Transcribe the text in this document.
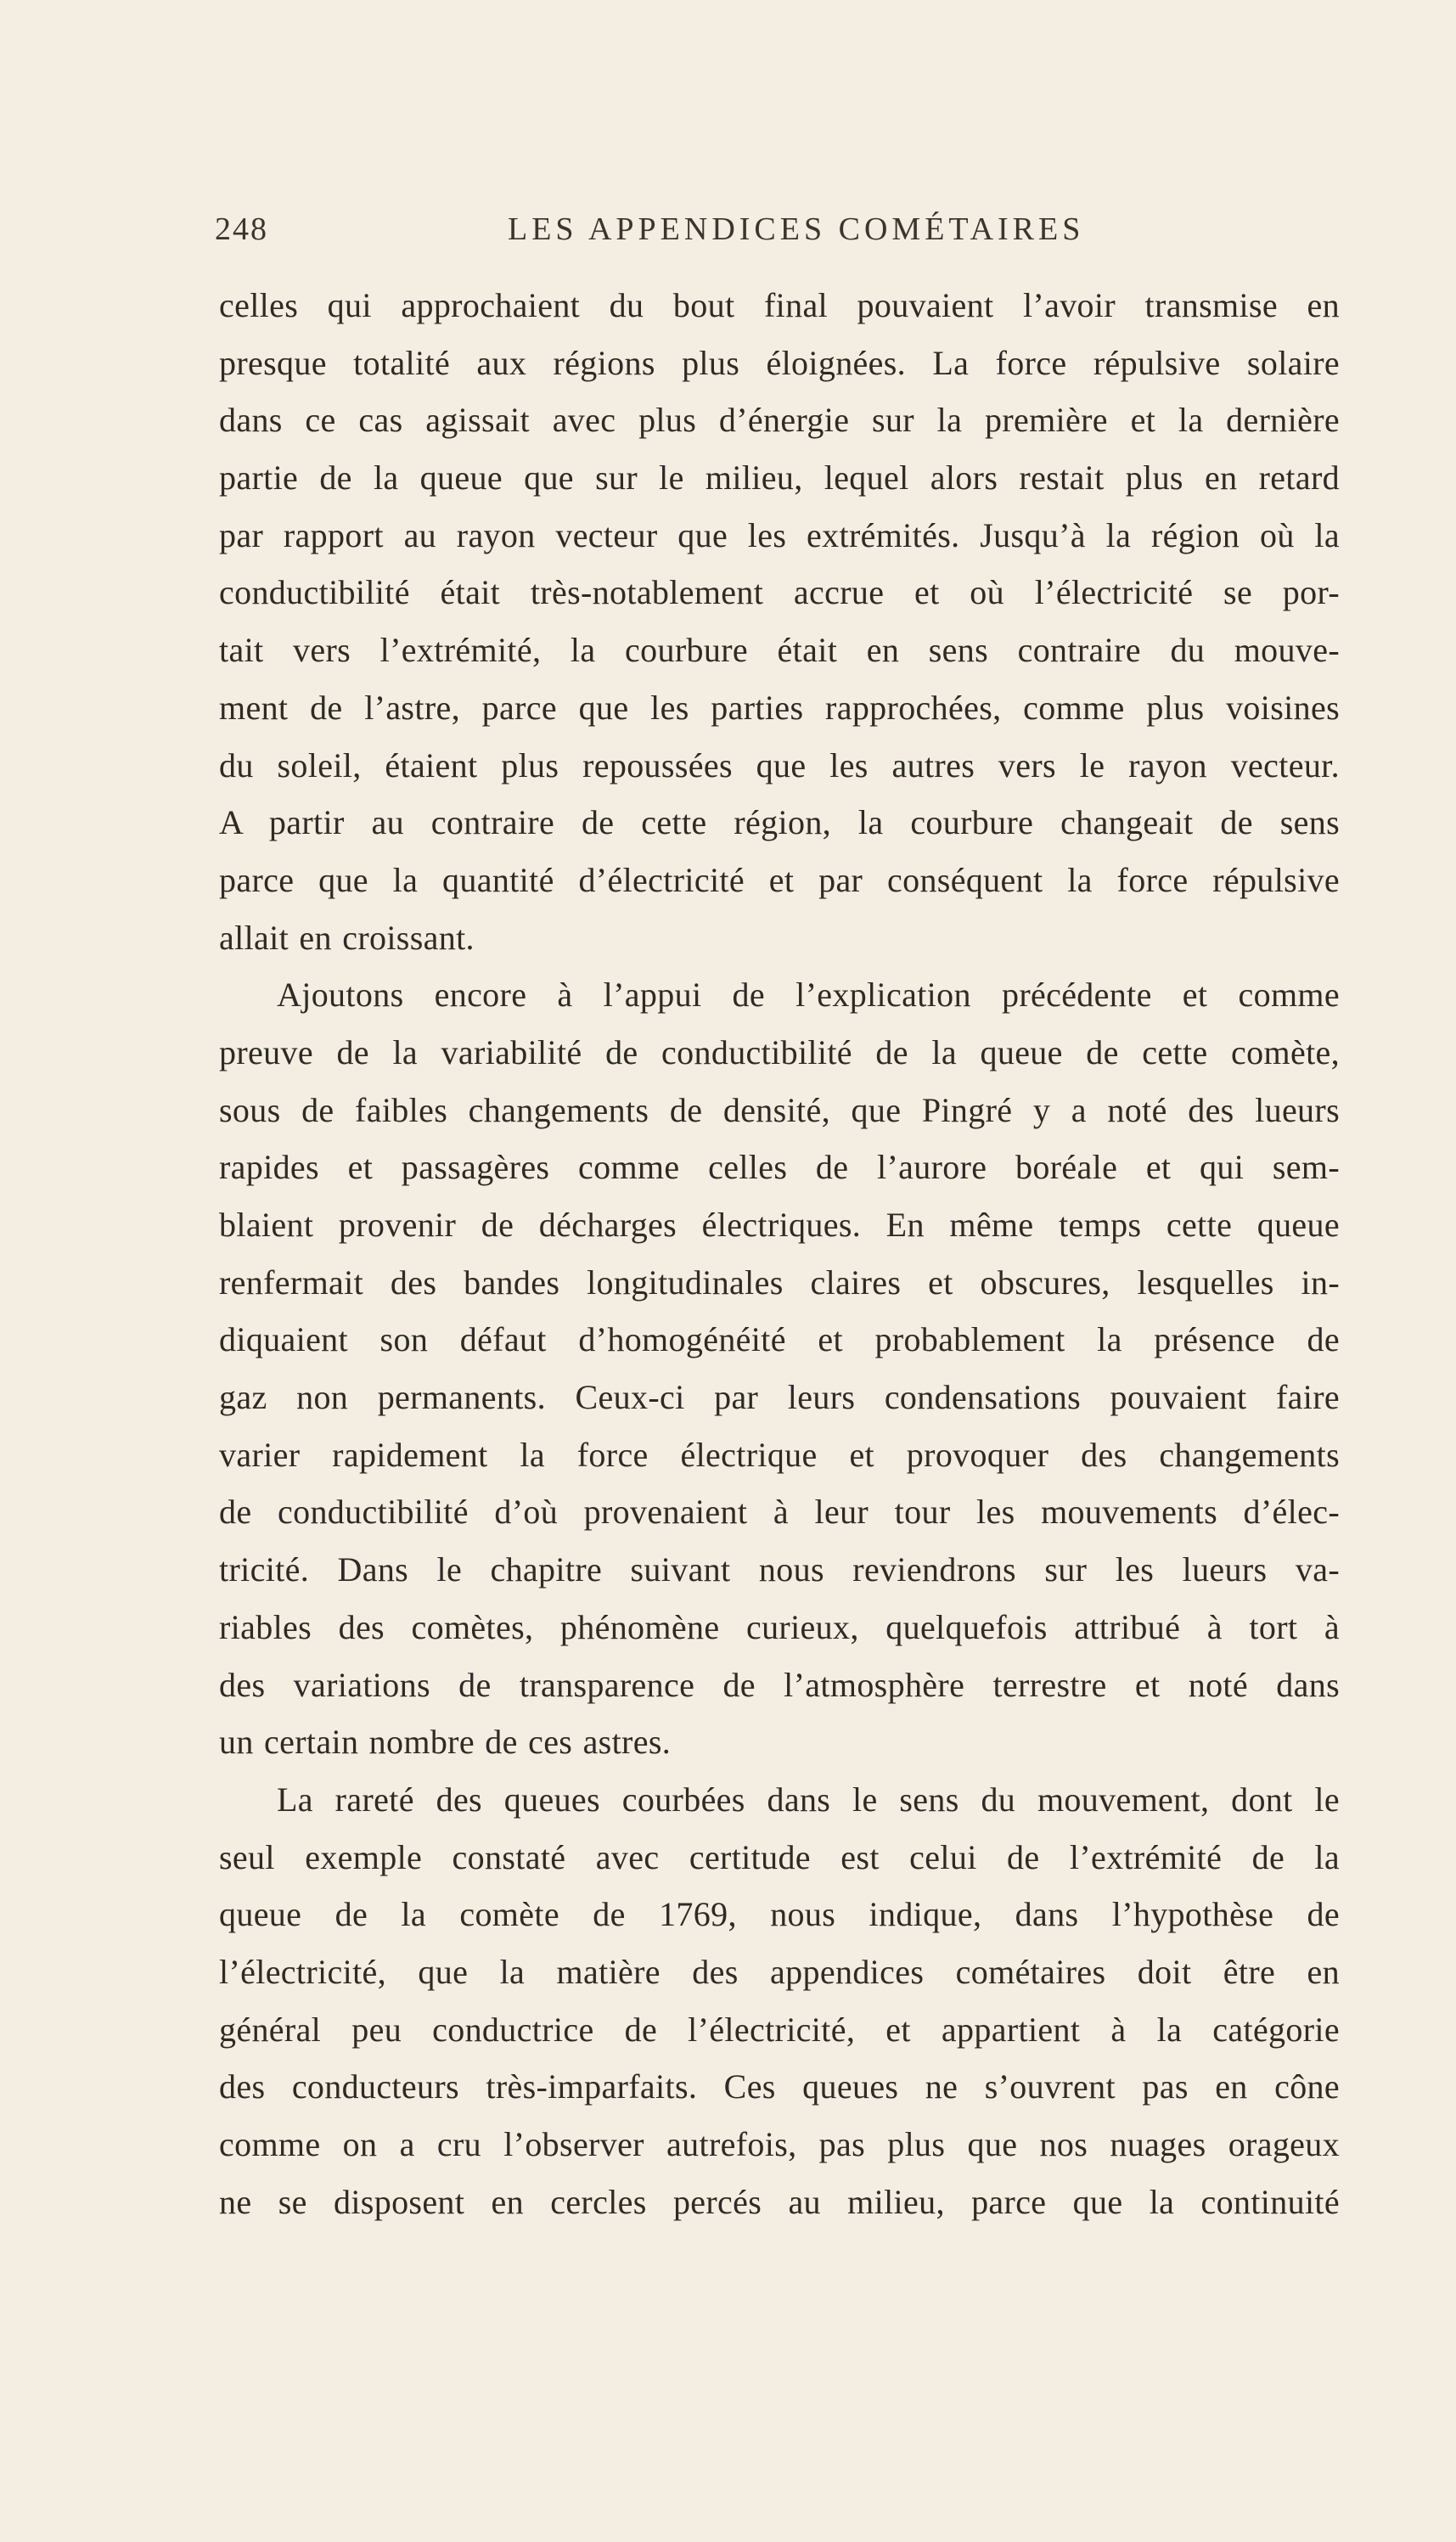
248	LES APPENDICES COMÉTAIRES
celles qui approchaient du bout final pouvaient l’avoir transmise en
presque totalité aux régions plus éloignées. La force répulsive solaire
dans ce cas agissait avec plus d’énergie sur la première et la dernière
partie de la queue que sur le milieu, lequel alors restait plus en retard
par rapport au rayon vecteur que les extrémités. Jusqu’à la région où la
conductibilité était très-notablement accrue et où l’électricité se por-
tait vers l’extrémité, la courbure était en sens contraire du mouve-
ment de l’astre, parce que les parties rapprochées, comme plus voisines
du soleil, étaient plus repoussées que les autres vers le rayon vecteur.
A partir au contraire de cette région, la courbure changeait de sens
parce que la quantité d’électricité et par conséquent la force répulsive
allait en croissant.
Ajoutons encore à l’appui de l’explication précédente et comme
preuve de la variabilité de conductibilité de la queue de cette comète,
sous de faibles changements de densité, que Pingré y a noté des lueurs
rapides et passagères comme celles de l’aurore boréale et qui sem-
blaient provenir de décharges électriques. En même temps cette queue
renfermait des bandes longitudinales claires et obscures, lesquelles in-
diquaient son défaut d’homogénéité et probablement la présence de
gaz non permanents. Ceux-ci par leurs condensations pouvaient faire
varier rapidement la force électrique et provoquer des changements
de conductibilité d’où provenaient à leur tour les mouvements d’élec-
tricité. Dans le chapitre suivant nous reviendrons sur les lueurs va-
riables des comètes, phénomène curieux, quelquefois attribué à tort à
des variations de transparence de l’atmosphère terrestre et noté dans
un certain nombre de ces astres.
La rareté des queues courbées dans le sens du mouvement, dont le
seul exemple constaté avec certitude est celui de l’extrémité de la
queue de la comète de 1769, nous indique, dans l’hypothèse de
l’électricité, que la matière des appendices cométaires doit être en
général peu conductrice de l’électricité, et appartient à la catégorie
des conducteurs très-imparfaits. Ces queues ne s’ouvrent pas en cône
comme on a cru l’observer autrefois, pas plus que nos nuages orageux
ne se disposent en cercles percés au milieu, parce que la continuité
